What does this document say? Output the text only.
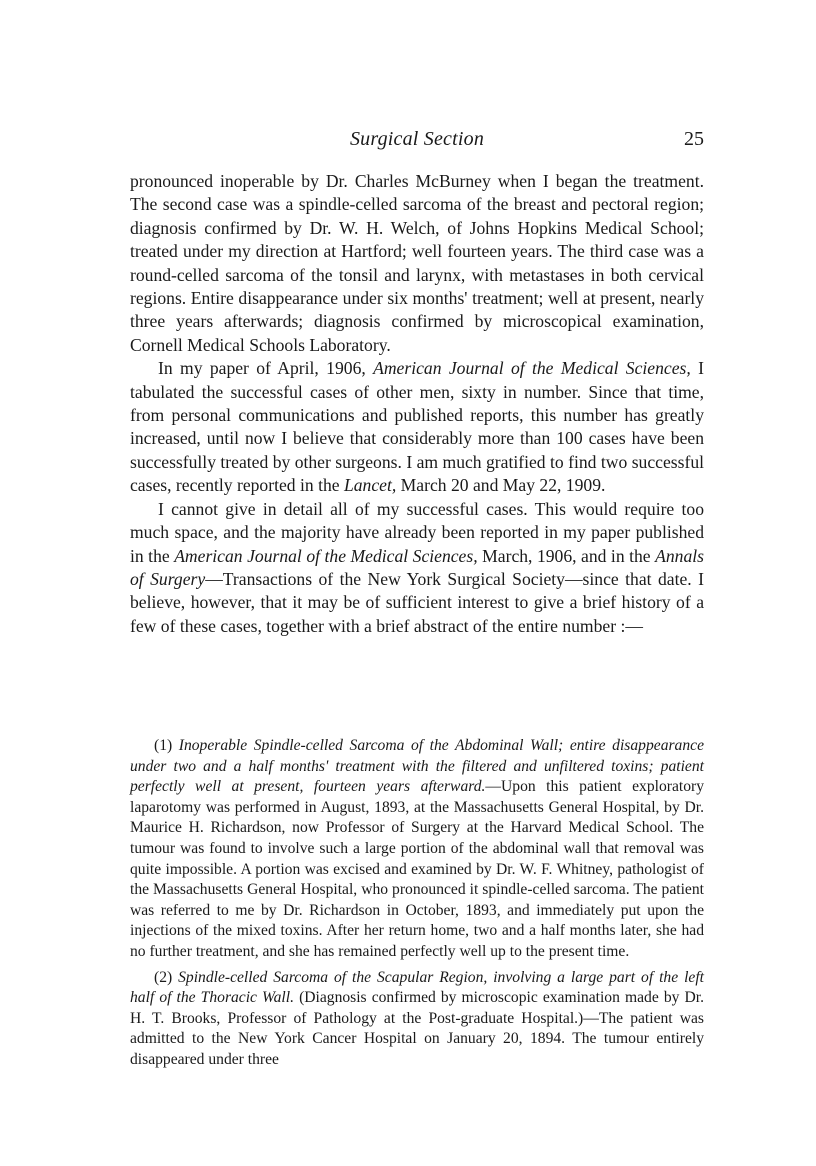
Surgical Section	25

pronounced inoperable by Dr. Charles McBurney when I began the treatment. The second case was a spindle-celled sarcoma of the breast and pectoral region; diagnosis confirmed by Dr. W. H. Welch, of Johns Hopkins Medical School; treated under my direction at Hartford; well fourteen years. The third case was a round-celled sarcoma of the tonsil and larynx, with metastases in both cervical regions. Entire disappearance under six months' treatment; well at present, nearly three years afterwards; diagnosis confirmed by microscopical examination, Cornell Medical Schools Laboratory.

In my paper of April, 1906, American Journal of the Medical Sciences, I tabulated the successful cases of other men, sixty in number. Since that time, from personal communications and published reports, this number has greatly increased, until now I believe that considerably more than 100 cases have been successfully treated by other surgeons. I am much gratified to find two successful cases, recently reported in the Lancet, March 20 and May 22, 1909.

I cannot give in detail all of my successful cases. This would require too much space, and the majority have already been reported in my paper published in the American Journal of the Medical Sciences, March, 1906, and in the Annals of Surgery—Transactions of the New York Surgical Society—since that date. I believe, however, that it may be of sufficient interest to give a brief history of a few of these cases, together with a brief abstract of the entire number :—

(1) Inoperable Spindle-celled Sarcoma of the Abdominal Wall; entire disappearance under two and a half months' treatment with the filtered and unfiltered toxins; patient perfectly well at present, fourteen years afterward.—Upon this patient exploratory laparotomy was performed in August, 1893, at the Massachusetts General Hospital, by Dr. Maurice H. Richardson, now Professor of Surgery at the Harvard Medical School. The tumour was found to involve such a large portion of the abdominal wall that removal was quite impossible. A portion was excised and examined by Dr. W. F. Whitney, pathologist of the Massachusetts General Hospital, who pronounced it spindle-celled sarcoma. The patient was referred to me by Dr. Richardson in October, 1893, and immediately put upon the injections of the mixed toxins. After her return home, two and a half months later, she had no further treatment, and she has remained perfectly well up to the present time.

(2) Spindle-celled Sarcoma of the Scapular Region, involving a large part of the left half of the Thoracic Wall. (Diagnosis confirmed by microscopic examination made by Dr. H. T. Brooks, Professor of Pathology at the Post-graduate Hospital.)—The patient was admitted to the New York Cancer Hospital on January 20, 1894. The tumour entirely disappeared under three
